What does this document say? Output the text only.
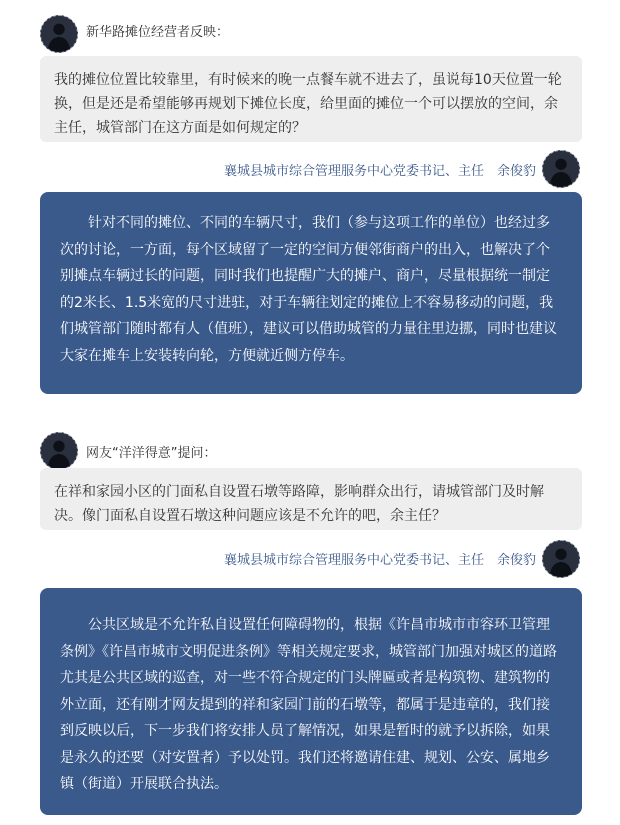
新华路摊位经营者反映：
我的摊位位置比较靠里，有时候来的晚一点餐车就不进去了，虽说每10天位置一轮换，但是还是希望能够再规划下摊位长度，给里面的摊位一个可以摆放的空间，余主任，城管部门在这方面是如何规定的？
襄城县城市综合管理服务中心党委书记、主任　余俊豹
针对不同的摊位、不同的车辆尺寸，我们（参与这项工作的单位）也经过多次的讨论，一方面，每个区域留了一定的空间方便邻街商户的出入，也解决了个别摊点车辆过长的问题，同时我们也提醒广大的摊户、商户，尽量根据统一制定的2米长、1.5米宽的尺寸进驻，对于车辆往划定的摊位上不容易移动的问题，我们城管部门随时都有人（值班），建议可以借助城管的力量往里边挪，同时也建议大家在摊车上安装转向轮，方便就近侧方停车。
网友“洋洋得意”提问：
在祥和家园小区的门面私自设置石墩等路障，影响群众出行，请城管部门及时解决。像门面私自设置石墩这种问题应该是不允许的吧，余主任？
襄城县城市综合管理服务中心党委书记、主任　余俊豹
公共区域是不允许私自设置任何障碍物的，根据《许昌市城市市容环卫管理条例》《许昌市城市文明促进条例》等相关规定要求，城管部门加强对城区的道路尤其是公共区域的巡查，对一些不符合规定的门头牌匾或者是构筑物、建筑物的外立面，还有刚才网友提到的祥和家园门前的石墩等，都属于是违章的，我们接到反映以后，下一步我们将安排人员了解情况，如果是暂时的就予以拆除，如果是永久的还要（对安置者）予以处罚。我们还将邀请住建、规划、公安、属地乡镇（街道）开展联合执法。
